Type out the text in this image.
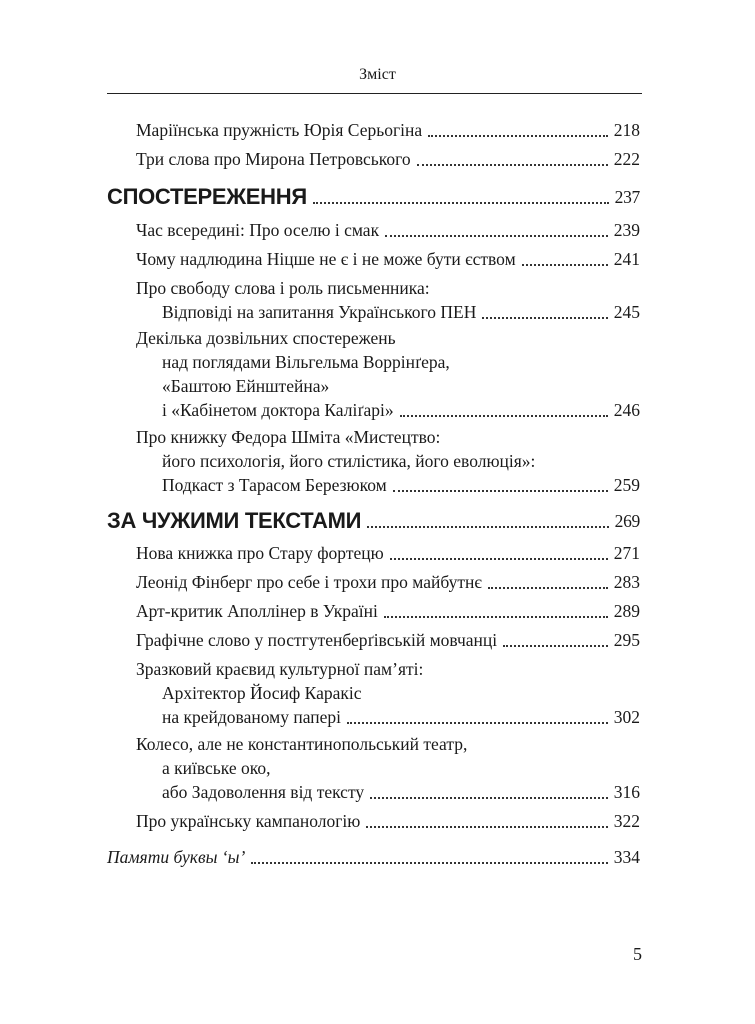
Зміст
Маріїнська пружність Юрія Серьогіна	218
Три слова про Мирона Петровського	222
СПОСТЕРЕЖЕННЯ	237
Час всередині: Про оселю і смак	239
Чому надлюдина Ніцше не є і не може бути єством	241
Про свободу слова і роль письменника:
Відповіді на запитання Українського ПЕН	245
Декілька дозвільних спостережень
над поглядами Вільгельма Воррінґера,
«Баштою Ейнштейна»
і «Кабінетом доктора Каліґарі»	246
Про книжку Федора Шміта «Мистецтво:
його психологія, його стилістика, його еволюція»:
Подкаст з Тарасом Березюком	259
ЗА ЧУЖИМИ ТЕКСТАМИ	269
Нова книжка про Стару фортецю	271
Леонід Фінберг про себе і трохи про майбутнє	283
Арт-критик Аполлінер в Україні	289
Графічне слово у постгутенберґівській мовчанці	295
Зразковий краєвид культурної пам’яті:
Архітектор Йосиф Каракіс
на крейдованому папері	302
Колесо, але не константинопольський театр,
а київське око,
або Задоволення від тексту	316
Про українську кампанологію	322
Памяти буквы ‘ы’	334
5
